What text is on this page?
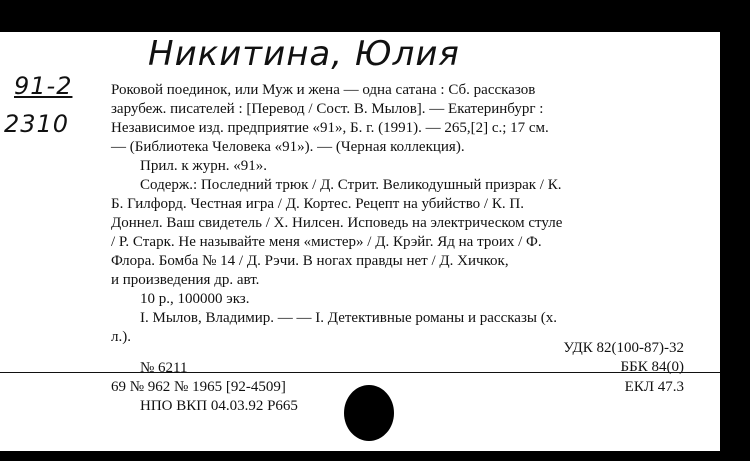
Никитина, Юлия
91-2
2310
Роковой поединок, или Муж и жена — одна сатана : Сб. рассказов
зарубеж. писателей : [Перевод / Сост. В. Мылов]. — Екатеринбург :
Независимое изд. предприятие «91», Б. г. (1991). — 265,[2] с.; 17 см.
— (Библиотека Человека «91»). — (Черная коллекция).
Прил. к журн. «91».
Содерж.: Последний трюк / Д. Стрит. Великодушный призрак / К.
Б. Гилфорд. Честная игра / Д. Кортес. Рецепт на убийство / К. П.
Доннел. Ваш свидетель / Х. Нилсен. Исповедь на электрическом стуле
/ Р. Старк. Не называйте меня «мистер» / Д. Крэйг. Яд на троих / Ф.
Флора. Бомба № 14 / Д. Рэчи. В ногах правды нет / Д. Хичкок,
и произведения др. авт.
10 р., 100000 экз.
I. Мылов, Владимир. — — I. Детективные романы и рассказы (х.
л.).
УДК 82(100-87)-32
ББК 84(0)
№ 6211
69 № 962 № 1965 [92-4509]
НПО ВКП 04.03.92 Р665
ЕКЛ 47.3
